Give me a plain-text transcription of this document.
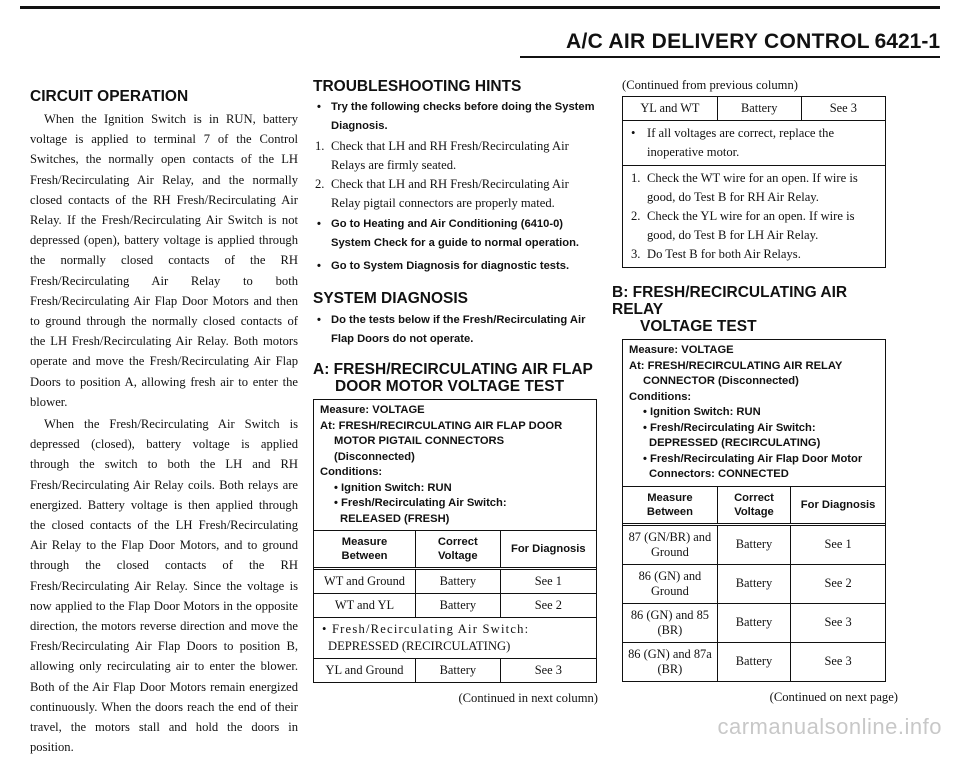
A/C AIR DELIVERY CONTROL 6421-1
CIRCUIT OPERATION

When the Ignition Switch is in RUN, battery voltage is applied to terminal 7 of the Control Switches, the normally open contacts of the LH Fresh/Recirculating Air Relay, and the normally closed contacts of the RH Fresh/Recirculating Air Relay. If the Fresh/Recirculating Air Switch is not depressed (open), battery voltage is applied through the normally closed contacts of the RH Fresh/Recirculating Air Relay to both Fresh/Recirculating Air Flap Door Motors and then to ground through the normally closed contacts of the LH Fresh/Recirculating Air Relay. Both motors operate and move the Fresh/Recirculating Air Flap Doors to position A, allowing fresh air to enter the blower.

When the Fresh/Recirculating Air Switch is depressed (closed), battery voltage is applied through the switch to both the LH and RH Fresh/Recirculating Air Relay coils. Both relays are energized. Battery voltage is then applied through the closed contacts of the LH Fresh/Recirculating Air Relay to the Flap Door Motors, and to ground through the closed contacts of the RH Fresh/Recirculating Air Relay. Since the voltage is now applied to the Flap Door Motors in the opposite direction, the motors reverse direction and move the Fresh/Recirculating Air Flap Doors to position B, allowing only recirculating air to enter the blower. Both of the Air Flap Door Motors remain energized continuously. When the doors reach the end of their travel, the motors stall and hold the doors in position.

TROUBLESHOOTING HINTS
• Try the following checks before doing the System Diagnosis.
1. Check that LH and RH Fresh/Recirculating Air Relays are firmly seated.
2. Check that LH and RH Fresh/Recirculating Air Relay pigtail connectors are properly mated.
• Go to Heating and Air Conditioning (6410-0) System Check for a guide to normal operation.
• Go to System Diagnosis for diagnostic tests.
SYSTEM DIAGNOSIS
• Do the tests below if the Fresh/Recirculating Air Flap Doors do not operate.
A: FRESH/RECIRCULATING AIR FLAP
DOOR MOTOR VOLTAGE TEST
Measure: VOLTAGE
At: FRESH/RECIRCULATING AIR FLAP DOOR
MOTOR PIGTAIL CONNECTORS
(Disconnected)
Conditions:
• Ignition Switch: RUN
• Fresh/Recirculating Air Switch:
RELEASED (FRESH)
Measure Between	Correct Voltage	For Diagnosis
WT and Ground	Battery	See 1
WT and YL	Battery	See 2
• Fresh/Recirculating Air Switch:
DEPRESSED (RECIRCULATING)
YL and Ground	Battery	See 3
(Continued in next column)
(Continued from previous column)
YL and WT	Battery	See 3
• If all voltages are correct, replace the inoperative motor.
1. Check the WT wire for an open. If wire is good, do Test B for RH Air Relay.
2. Check the YL wire for an open. If wire is good, do Test B for LH Air Relay.
3. Do Test B for both Air Relays.
B: FRESH/RECIRCULATING AIR RELAY
VOLTAGE TEST
Measure: VOLTAGE
At: FRESH/RECIRCULATING AIR RELAY
CONNECTOR (Disconnected)
Conditions:
• Ignition Switch: RUN
• Fresh/Recirculating Air Switch:
DEPRESSED (RECIRCULATING)
• Fresh/Recirculating Air Flap Door Motor
Connectors: CONNECTED
Measure Between	Correct Voltage	For Diagnosis
87 (GN/BR) and Ground	Battery	See 1
86 (GN) and Ground	Battery	See 2
86 (GN) and 85 (BR)	Battery	See 3
86 (GN) and 87a (BR)	Battery	See 3
(Continued on next page)
carmanualsonline.info
